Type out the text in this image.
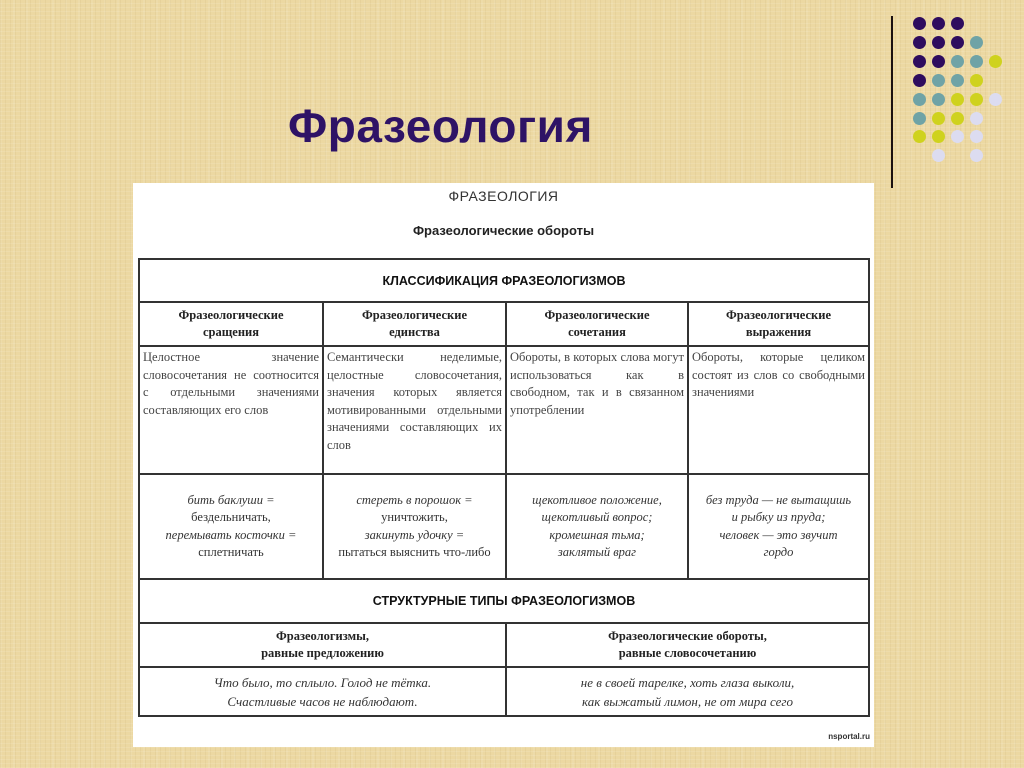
Фразеология
ФРАЗЕОЛОГИЯ
Фразеологические обороты
КЛАССИФИКАЦИЯ ФРАЗЕОЛОГИЗМОВ
Фразеологические
сращения
Фразеологические
единства
Фразеологические
сочетания
Фразеологические
выражения
Целостное значение словосочетания не соотносится с отдельными значениями составляющих его слов
Семантически неделимые, целостные словосочетания, значения которых является мотивированными отдельными значениями составляющих их слов
Обороты, в которых слова могут использоваться как в свободном, так и в связанном употреблении
Обороты, которые целиком состоят из слов со свободными значениями
бить баклуши =
бездельничать,
перемывать косточки =
сплетничать
стереть в порошок =
уничтожить,
закинуть удочку =
пытаться выяснить что-либо
щекотливое положение,
щекотливый вопрос;
кромешная тьма;
заклятый враг
без труда — не вытащишь
и рыбку из пруда;
человек — это звучит
гордо
СТРУКТУРНЫЕ ТИПЫ ФРАЗЕОЛОГИЗМОВ
Фразеологизмы,
равные предложению
Фразеологические обороты,
равные словосочетанию
Что было, то сплыло. Голод не тётка.
Счастливые часов не наблюдают.
не в своей тарелке, хоть глаза выколи,
как выжатый лимон, не от мира сего
nsportal.ru
